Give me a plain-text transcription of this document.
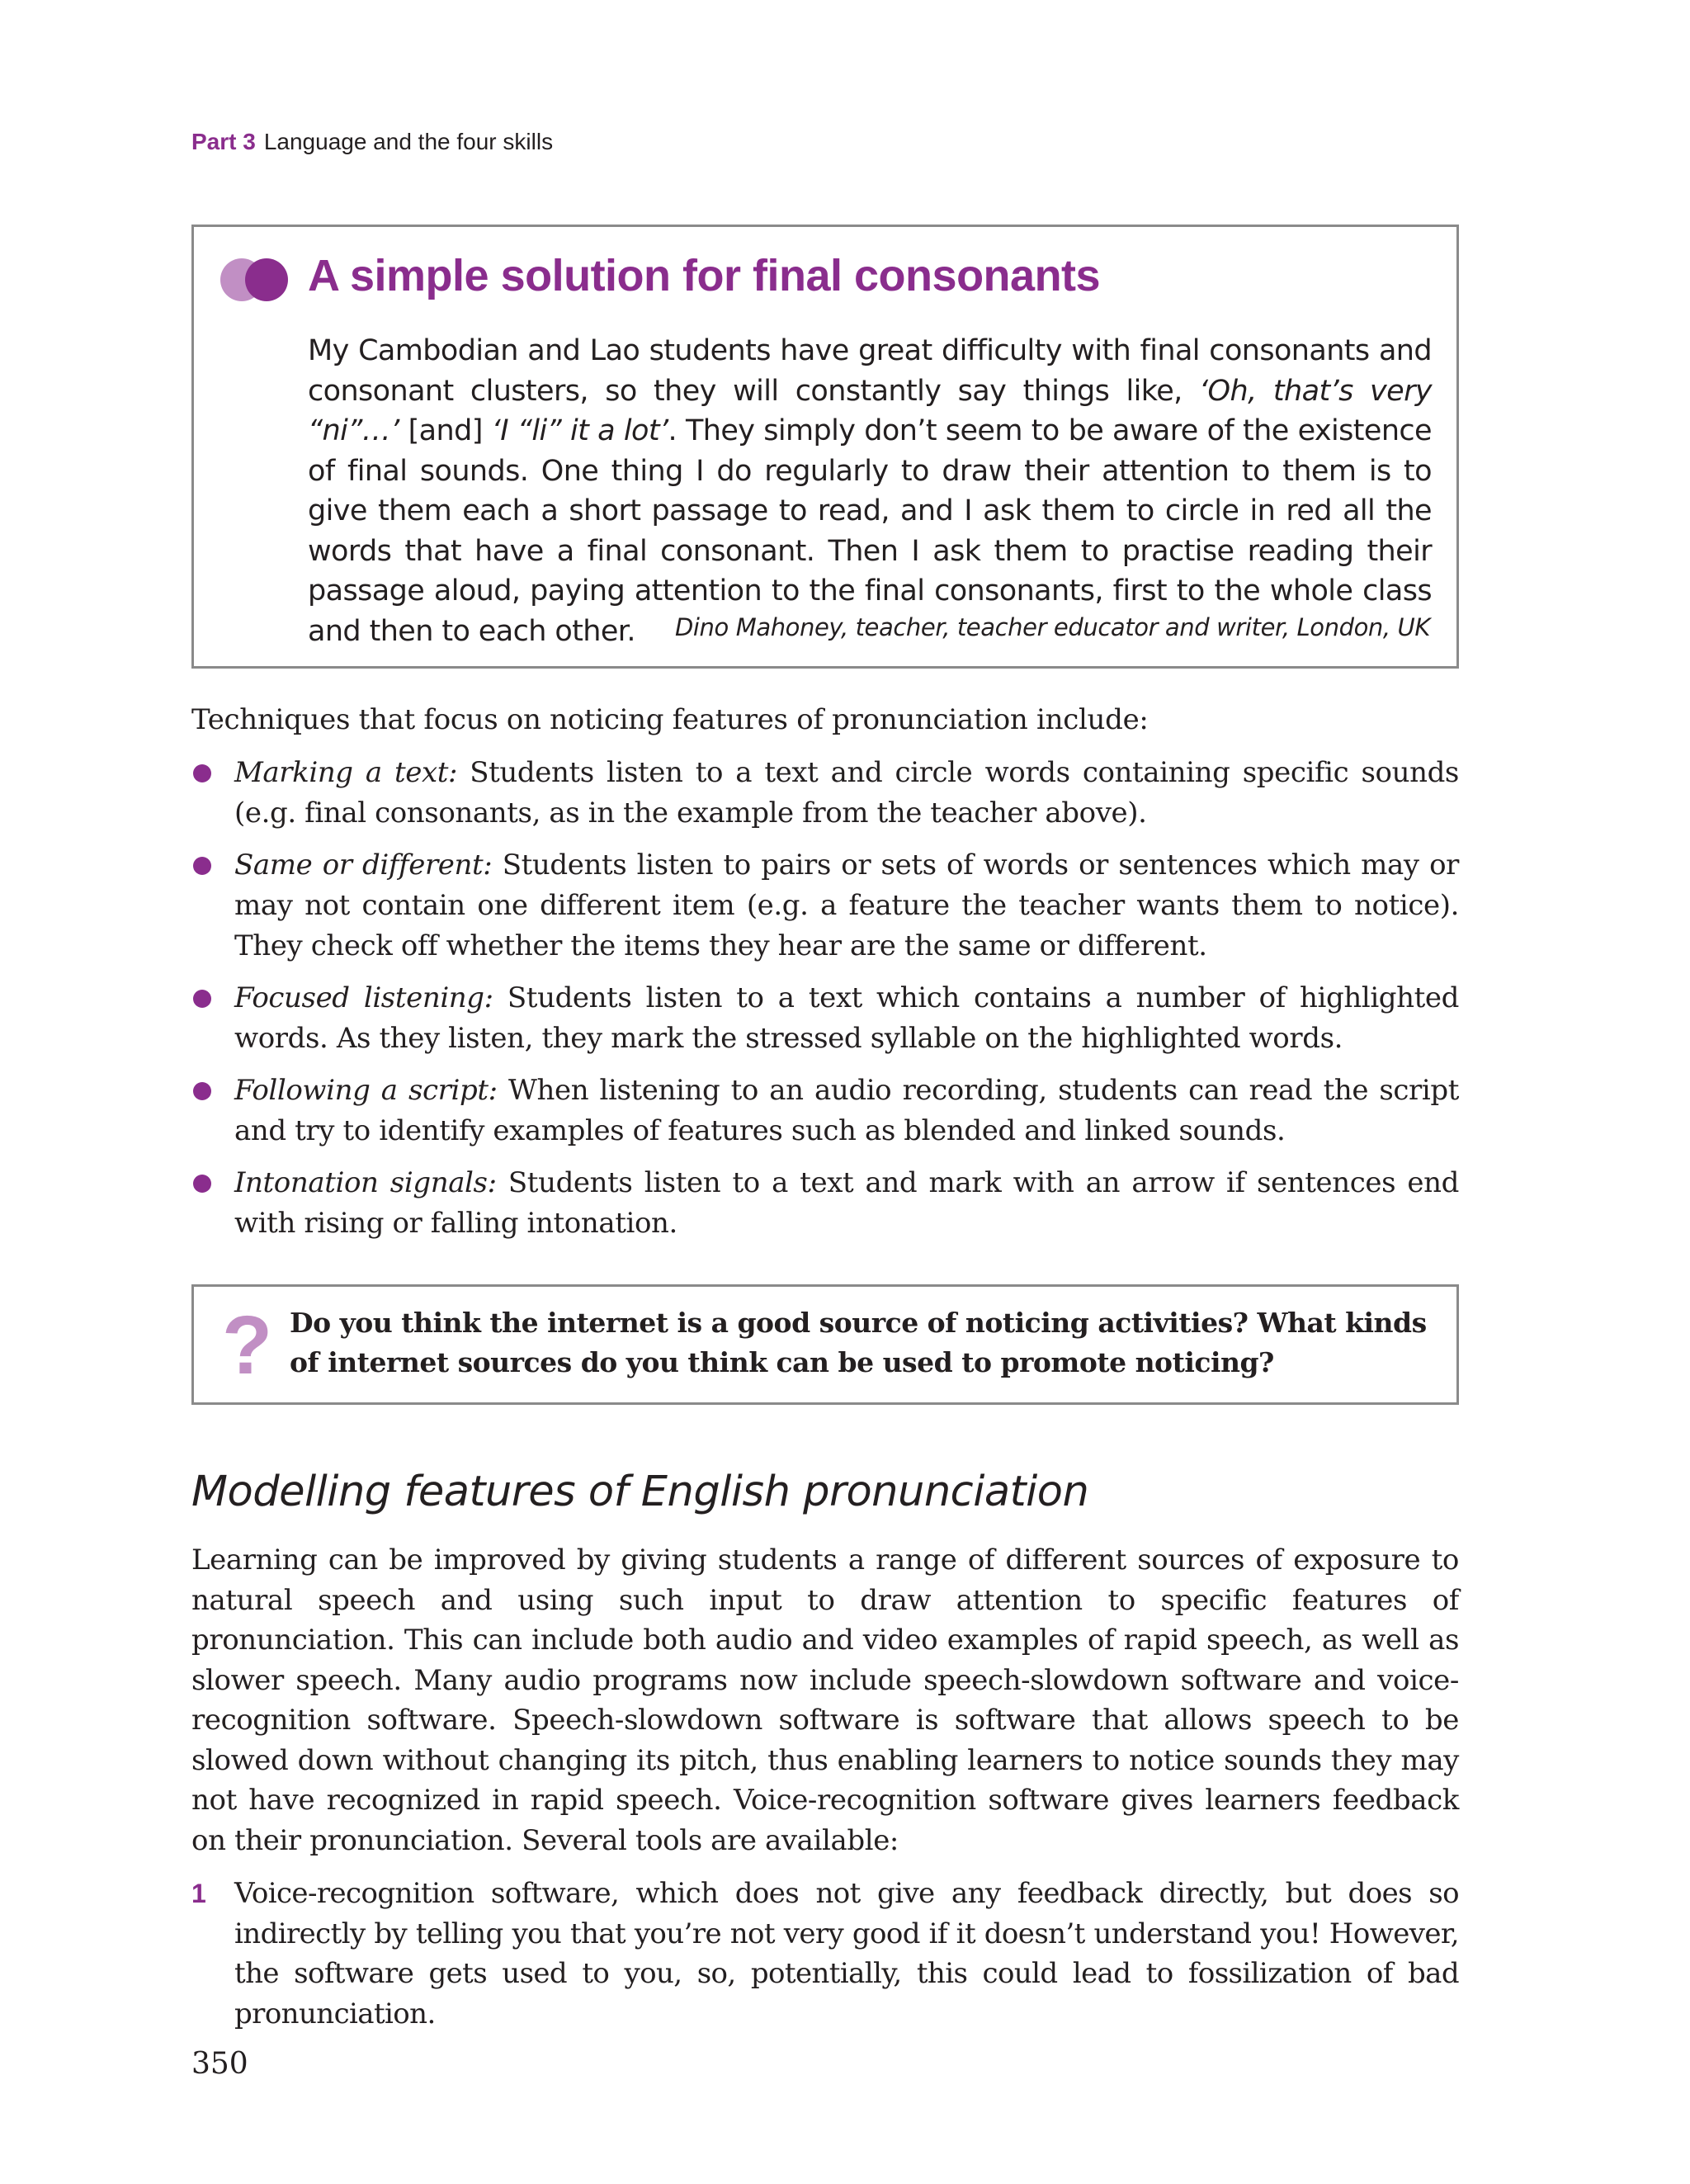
Part 3 Language and the four skills
A simple solution for final consonants
My Cambodian and Lao students have great difficulty with final consonants and consonant clusters, so they will constantly say things like, ‘Oh, that’s very “ni”…’ [and] ‘I “li” it a lot’. They simply don’t seem to be aware of the existence of final sounds. One thing I do regularly to draw their attention to them is to give them each a short passage to read, and I ask them to circle in red all the words that have a final consonant. Then I ask them to practise reading their passage aloud, paying attention to the final consonants, first to the whole class and then to each other.	Dino Mahoney, teacher, teacher educator and writer, London, UK
Techniques that focus on noticing features of pronunciation include:
Marking a text: Students listen to a text and circle words containing specific sounds (e.g. final consonants, as in the example from the teacher above).
Same or different: Students listen to pairs or sets of words or sentences which may or may not contain one different item (e.g. a feature the teacher wants them to notice). They check off whether the items they hear are the same or different.
Focused listening: Students listen to a text which contains a number of highlighted words. As they listen, they mark the stressed syllable on the highlighted words.
Following a script: When listening to an audio recording, students can read the script and try to identify examples of features such as blended and linked sounds.
Intonation signals: Students listen to a text and mark with an arrow if sentences end with rising or falling intonation.
? Do you think the internet is a good source of noticing activities? What kinds of internet sources do you think can be used to promote noticing?
Modelling features of English pronunciation
Learning can be improved by giving students a range of different sources of exposure to natural speech and using such input to draw attention to specific features of pronunciation. This can include both audio and video examples of rapid speech, as well as slower speech. Many audio programs now include speech-slowdown software and voice-recognition software. Speech-slowdown software is software that allows speech to be slowed down without changing its pitch, thus enabling learners to notice sounds they may not have recognized in rapid speech. Voice-recognition software gives learners feedback on their pronunciation. Several tools are available:
1 Voice-recognition software, which does not give any feedback directly, but does so indirectly by telling you that you’re not very good if it doesn’t understand you! However, the software gets used to you, so, potentially, this could lead to fossilization of bad pronunciation.
350
